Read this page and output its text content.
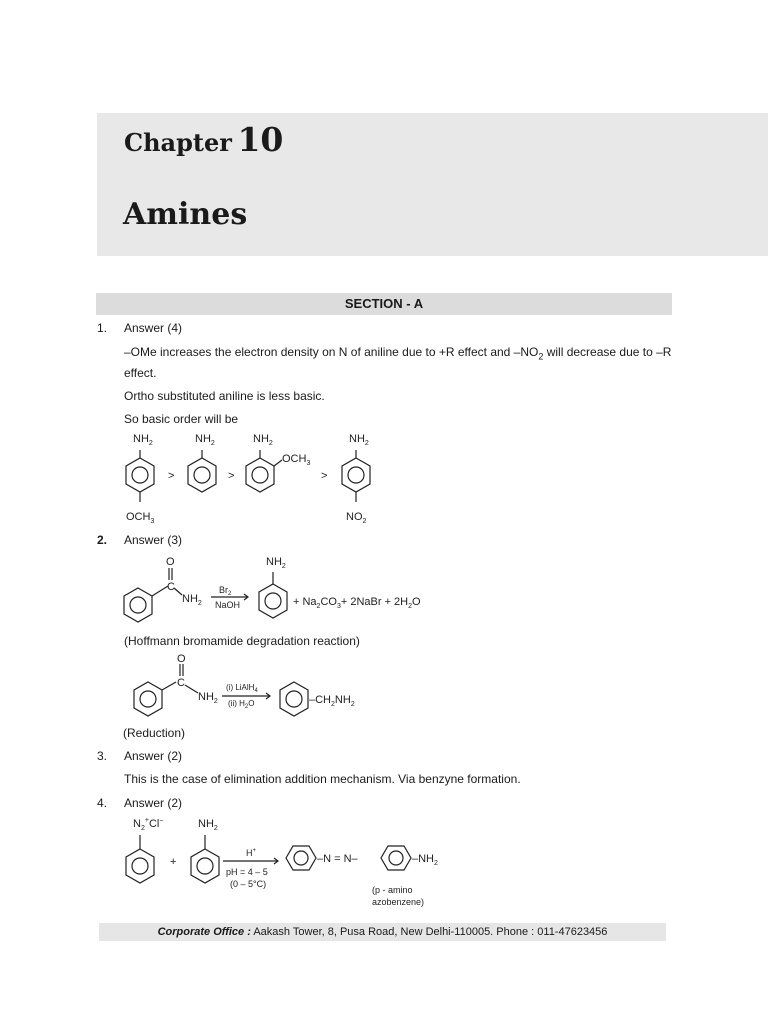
Chapter 10
Amines
SECTION - A
1. Answer (4)
–OMe increases the electron density on N of aniline due to +R effect and $-NO_2$ will decrease due to –R
effect.
Ortho substituted aniline is less basic.
So basic order will be
$NH_2$	$NH_2$	$NH_2$	$NH_2$
$OCH_3$
$OCH_3$	$NO_2$
>	>	>
2. Answer (3)
O
C
$NH_2$
$Br_2$
NaOH
$NH_2$
+ $Na_2CO_3+$ 2NaBr + $2H_2O$
(Hoffmann bromamide degradation reaction)
O
C
$NH_2$
(i) LiAlH$_4$
(ii) $H_2O$	$-CH_2NH_2$
(Reduction)
3. Answer (2)
This is the case of elimination addition mechanism. Via benzyne formation.
4. Answer (2)
$N_2^+Cl^-$	$NH_2$
+
H+
pH = 4 – 5
(0 – 5°C)
–N = N–	$-NH_2$
(p - amino
azobenzene)
Corporate Office : Aakash Tower, 8, Pusa Road, New Delhi-110005. Phone : 011-47623456
